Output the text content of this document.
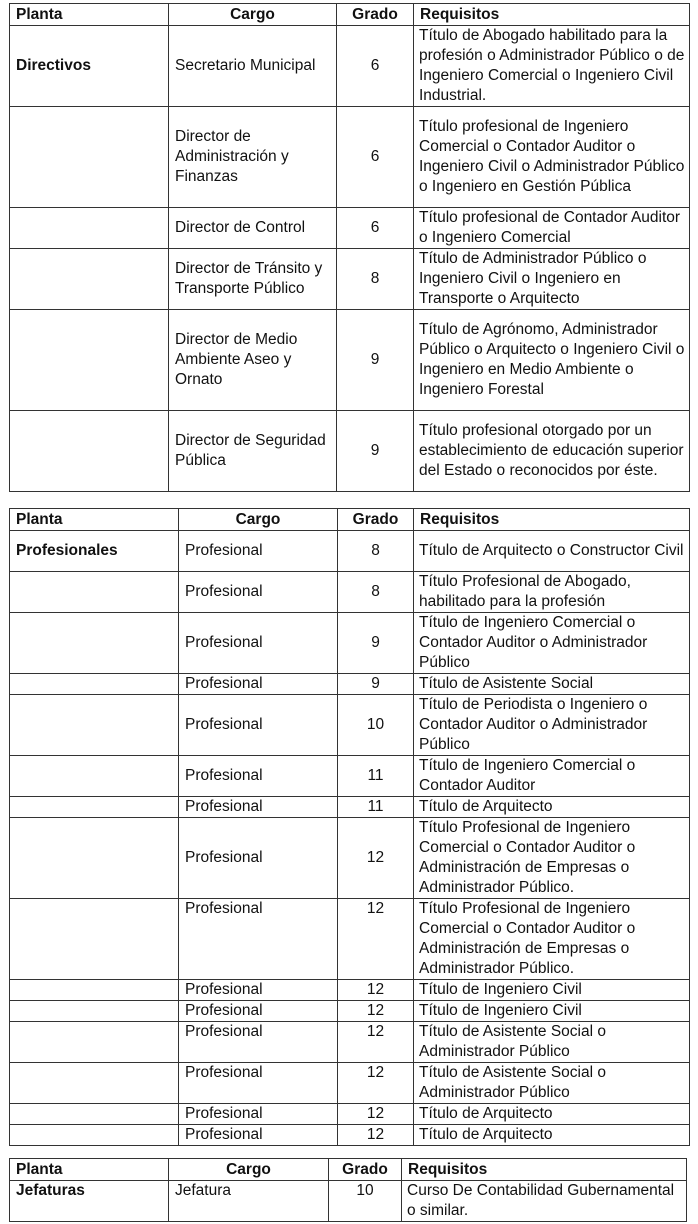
Planta	Cargo	Grado	Requisitos
Directivos	Secretario Municipal	6	Título de Abogado habilitado para la profesión o Administrador Público o de Ingeniero Comercial o Ingeniero Civil Industrial.
	Director de Administración y Finanzas	6	Título profesional de Ingeniero Comercial o Contador Auditor o Ingeniero Civil o Administrador Público o Ingeniero en Gestión Pública
	Director de Control	6	Título profesional de Contador Auditor o Ingeniero Comercial
	Director de Tránsito y Transporte Público	8	Título de Administrador Público o Ingeniero Civil o Ingeniero en Transporte o Arquitecto
	Director de Medio Ambiente Aseo y Ornato	9	Título de Agrónomo, Administrador Público o Arquitecto o Ingeniero Civil o Ingeniero en Medio Ambiente o Ingeniero Forestal
	Director de Seguridad Pública	9	Título profesional otorgado por un establecimiento de educación superior del Estado o reconocidos por éste.
Planta	Cargo	Grado	Requisitos
Profesionales	Profesional	8	Título de Arquitecto o Constructor Civil
	Profesional	8	Título Profesional de Abogado, habilitado para la profesión
	Profesional	9	Título de Ingeniero Comercial o Contador Auditor o Administrador Público
	Profesional	9	Título de Asistente Social
	Profesional	10	Título de Periodista o Ingeniero o Contador Auditor o Administrador Público
	Profesional	11	Título de Ingeniero Comercial o Contador Auditor
	Profesional	11	Título de Arquitecto
	Profesional	12	Título Profesional de Ingeniero Comercial o Contador Auditor o Administración de Empresas o Administrador Público.
	Profesional	12	Título Profesional de Ingeniero Comercial o Contador Auditor o Administración de Empresas o Administrador Público.
	Profesional	12	Título de Ingeniero Civil
	Profesional	12	Título de Ingeniero Civil
	Profesional	12	Título de Asistente Social o Administrador Público
	Profesional	12	Título de Asistente Social o Administrador Público
	Profesional	12	Título de Arquitecto
	Profesional	12	Título de Arquitecto
Planta	Cargo	Grado	Requisitos
Jefaturas	Jefatura	10	Curso De Contabilidad Gubernamental o similar.
